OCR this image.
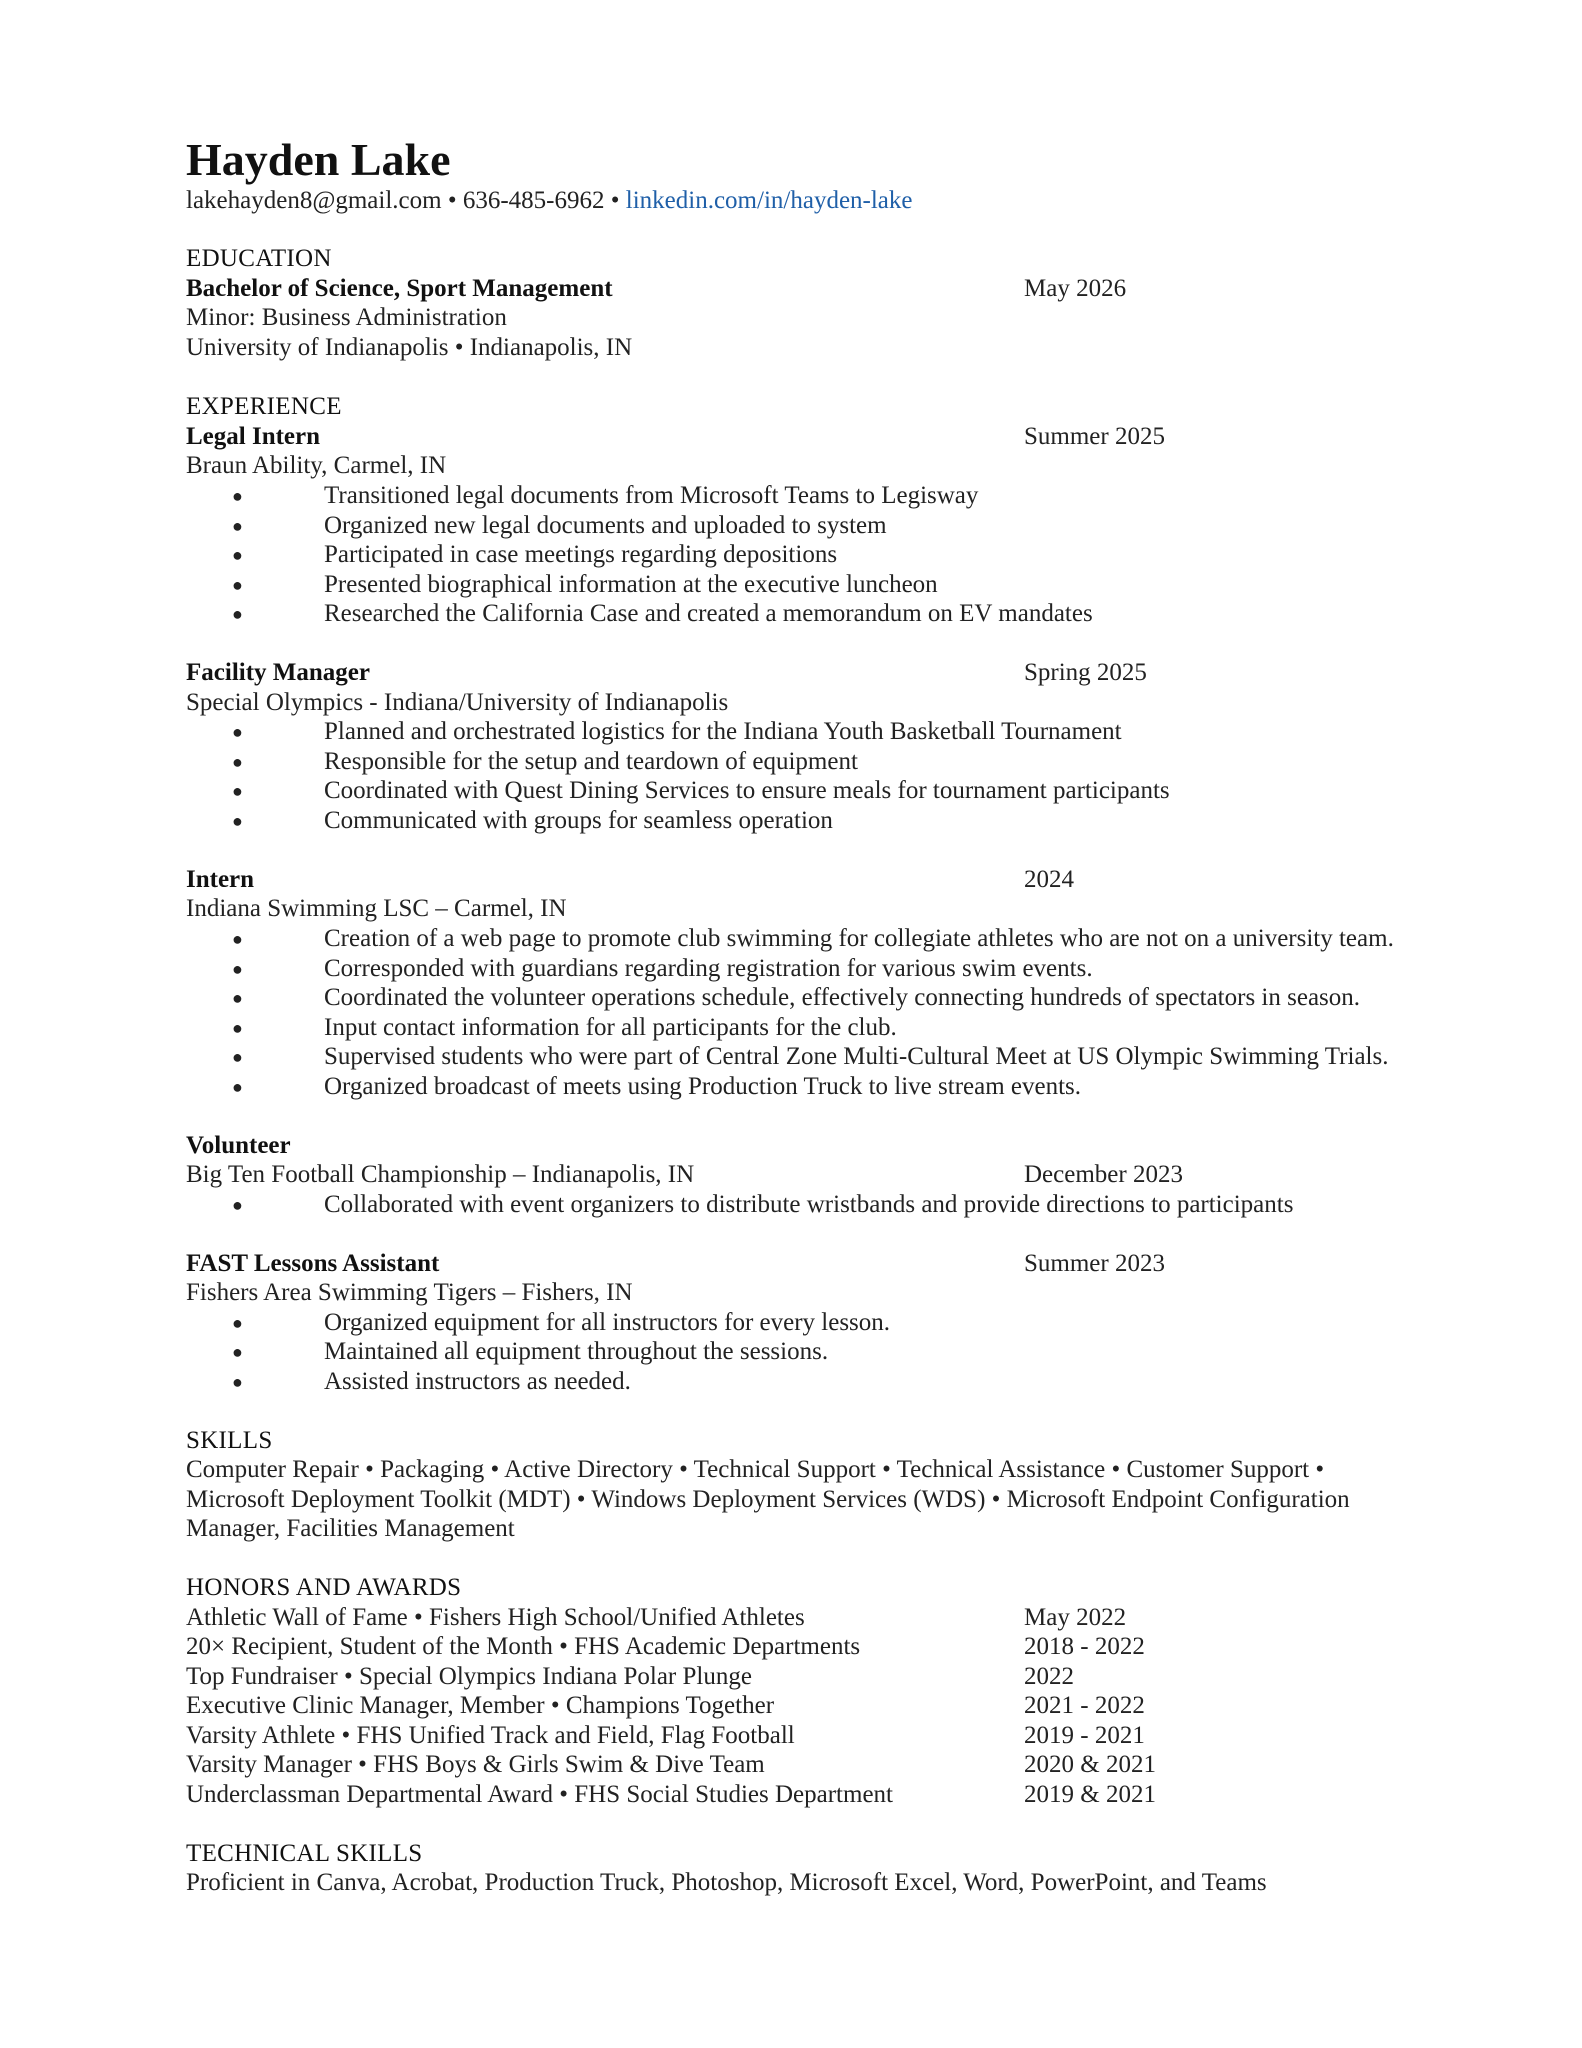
Hayden Lake
lakehayden8@gmail.com • 636-485-6962 • linkedin.com/in/hayden-lake
EDUCATION
Bachelor of Science, Sport Management	May 2026
Minor: Business Administration
University of Indianapolis • Indianapolis, IN
EXPERIENCE
Legal Intern	Summer 2025
Braun Ability, Carmel, IN
●	Transitioned legal documents from Microsoft Teams to Legisway
●	Organized new legal documents and uploaded to system
●	Participated in case meetings regarding depositions
●	Presented biographical information at the executive luncheon
●	Researched the California Case and created a memorandum on EV mandates
Facility Manager	Spring 2025
Special Olympics - Indiana/University of Indianapolis
●	Planned and orchestrated logistics for the Indiana Youth Basketball Tournament
●	Responsible for the setup and teardown of equipment
●	Coordinated with Quest Dining Services to ensure meals for tournament participants
●	Communicated with groups for seamless operation
Intern	2024
Indiana Swimming LSC – Carmel, IN
●	Creation of a web page to promote club swimming for collegiate athletes who are not on a university team.
●	Corresponded with guardians regarding registration for various swim events.
●	Coordinated the volunteer operations schedule, effectively connecting hundreds of spectators in season.
●	Input contact information for all participants for the club.
●	Supervised students who were part of Central Zone Multi-Cultural Meet at US Olympic Swimming Trials.
●	Organized broadcast of meets using Production Truck to live stream events.
Volunteer
Big Ten Football Championship – Indianapolis, IN	December 2023
●	Collaborated with event organizers to distribute wristbands and provide directions to participants
FAST Lessons Assistant	Summer 2023
Fishers Area Swimming Tigers – Fishers, IN
●	Organized equipment for all instructors for every lesson.
●	Maintained all equipment throughout the sessions.
●	Assisted instructors as needed.
SKILLS
Computer Repair • Packaging • Active Directory • Technical Support • Technical Assistance • Customer Support •
Microsoft Deployment Toolkit (MDT) • Windows Deployment Services (WDS) • Microsoft Endpoint Configuration
Manager, Facilities Management
HONORS AND AWARDS
Athletic Wall of Fame • Fishers High School/Unified Athletes	May 2022
20× Recipient, Student of the Month • FHS Academic Departments	2018 - 2022
Top Fundraiser • Special Olympics Indiana Polar Plunge	2022
Executive Clinic Manager, Member • Champions Together	2021 - 2022
Varsity Athlete • FHS Unified Track and Field, Flag Football	2019 - 2021
Varsity Manager • FHS Boys & Girls Swim & Dive Team	2020 & 2021
Underclassman Departmental Award • FHS Social Studies Department	2019 & 2021
TECHNICAL SKILLS
Proficient in Canva, Acrobat, Production Truck, Photoshop, Microsoft Excel, Word, PowerPoint, and Teams
